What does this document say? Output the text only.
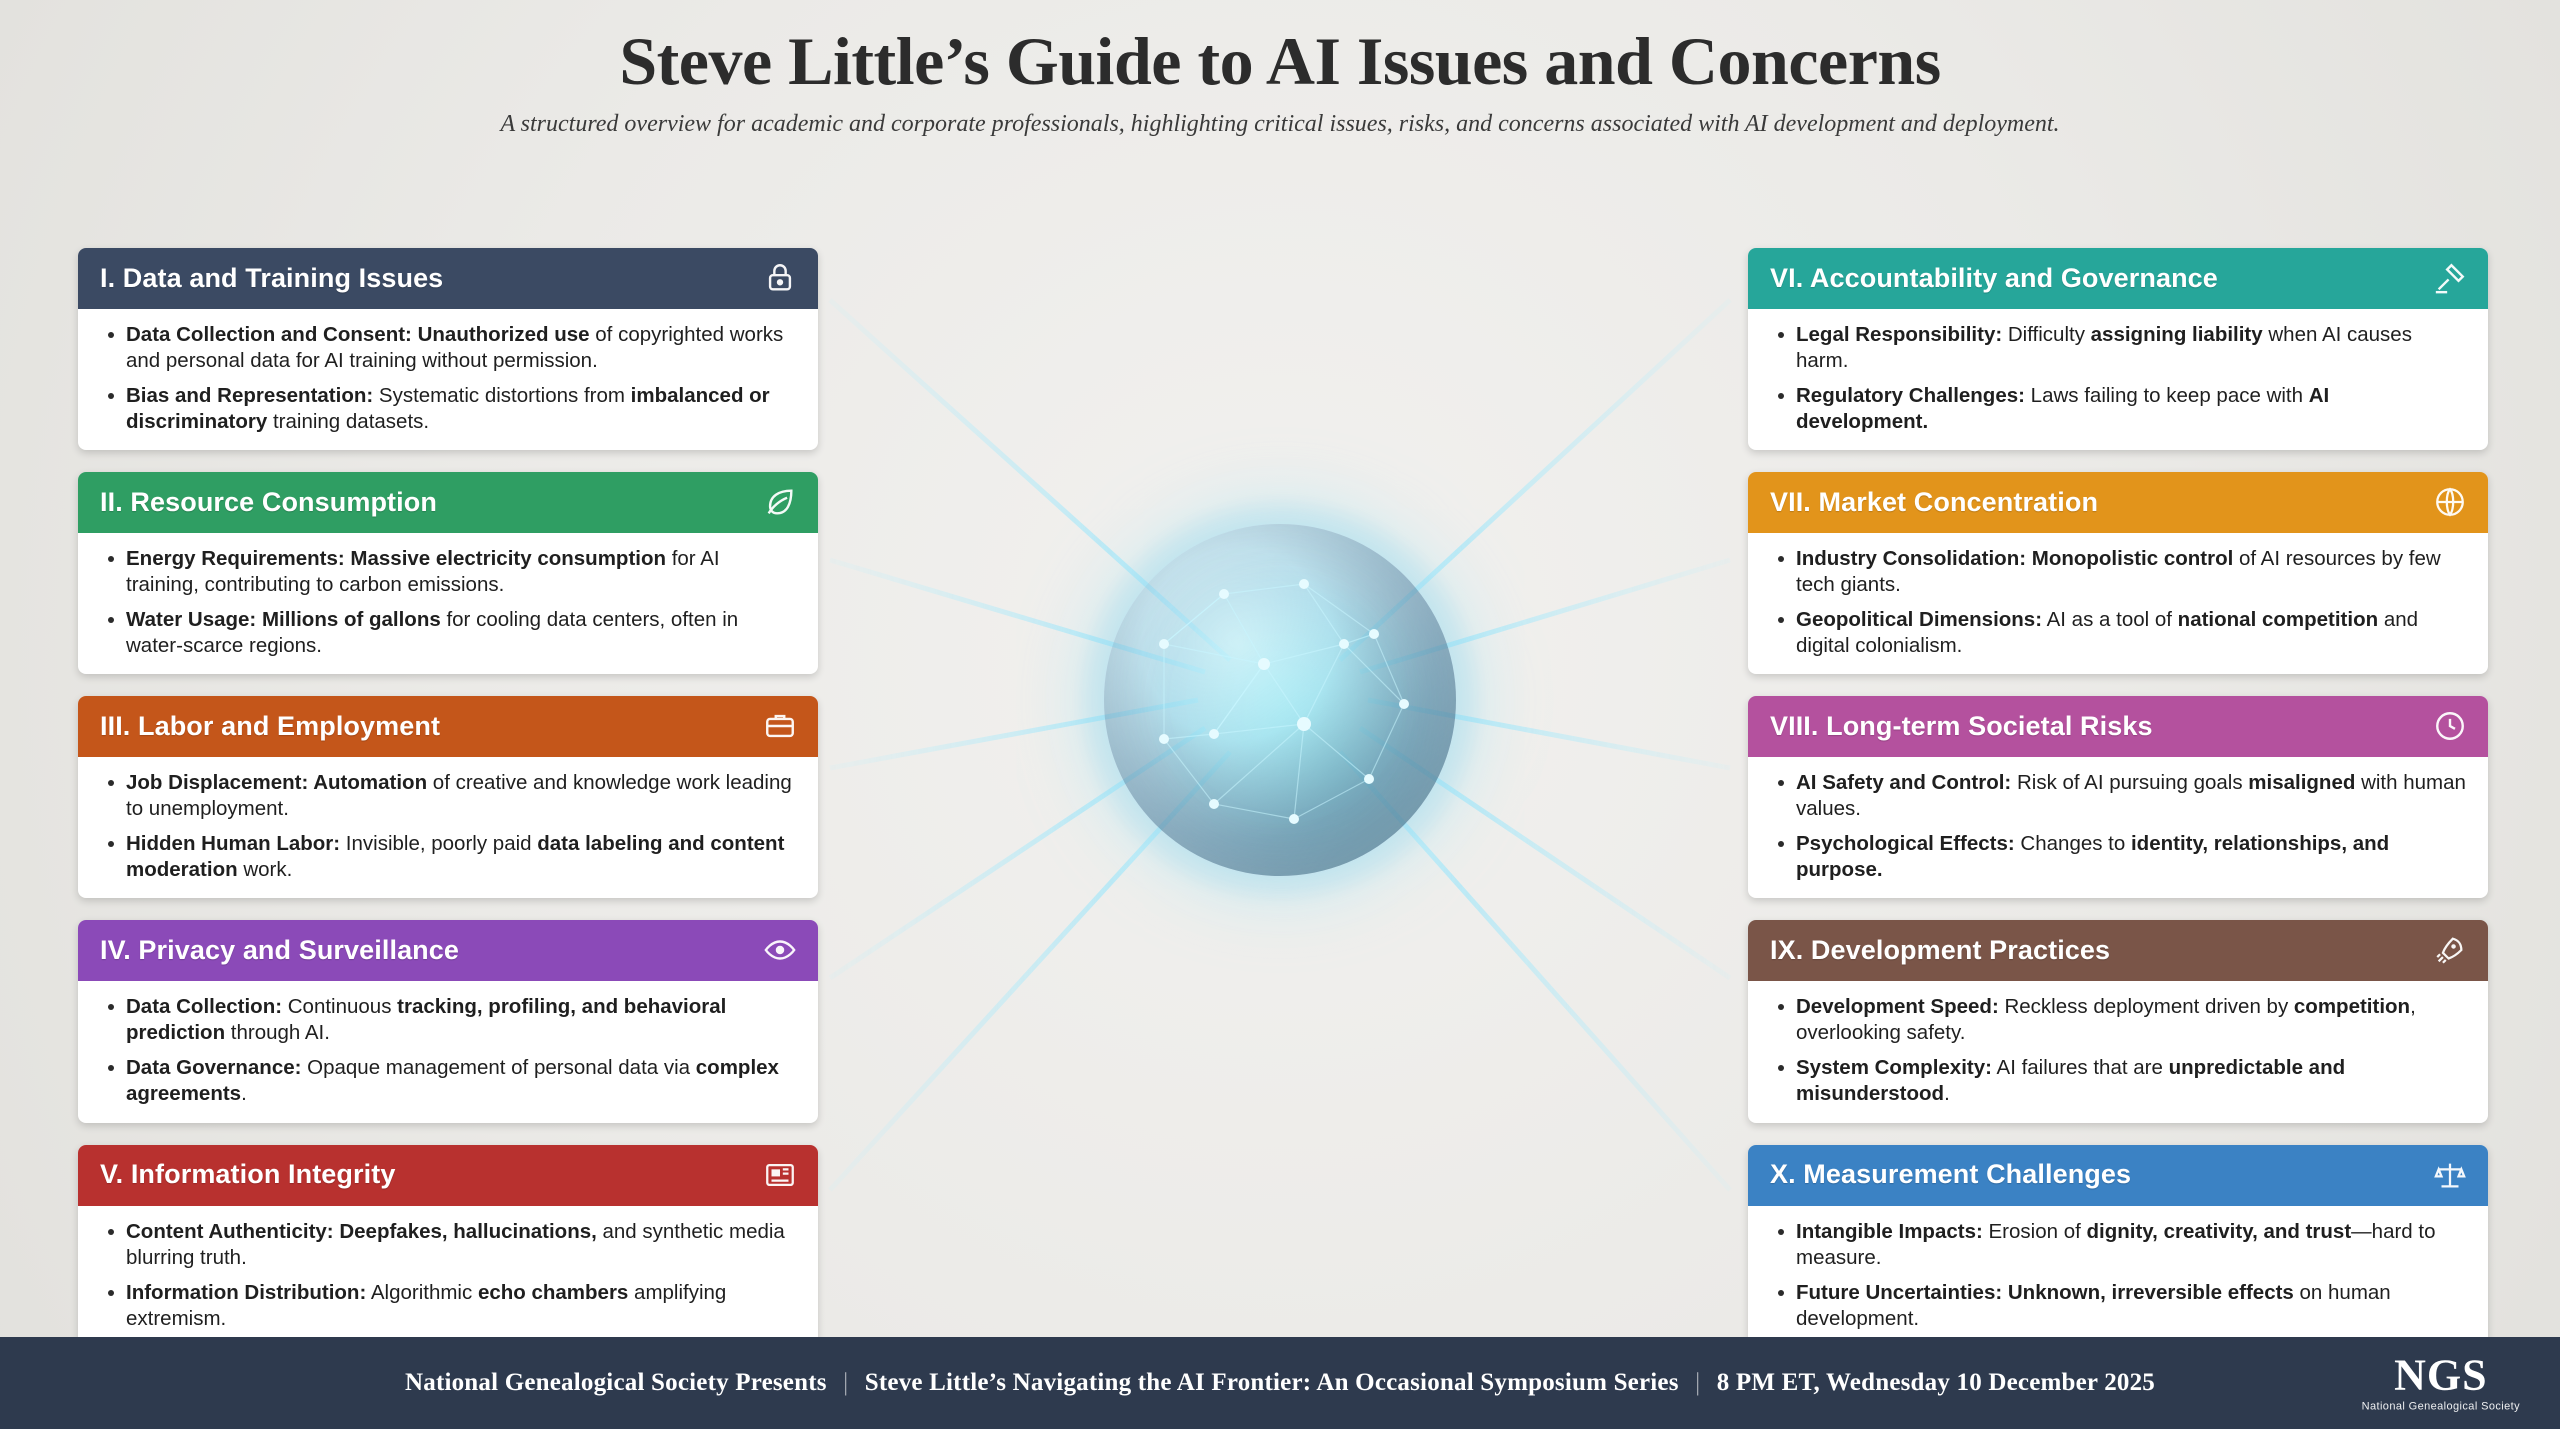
Steve Little’s Guide to AI Issues and Concerns

A structured overview for academic and corporate professionals, highlighting critical issues, risks, and concerns associated with AI development and deployment.

I. Data and Training Issues
Data Collection and Consent: Unauthorized use of copyrighted works and personal data for AI training without permission.
Bias and Representation: Systematic distortions from imbalanced or discriminatory training datasets.
II. Resource Consumption
Energy Requirements: Massive electricity consumption for AI training, contributing to carbon emissions.
Water Usage: Millions of gallons for cooling data centers, often in water-scarce regions.
III. Labor and Employment
Job Displacement: Automation of creative and knowledge work leading to unemployment.
Hidden Human Labor: Invisible, poorly paid data labeling and content moderation work.
IV. Privacy and Surveillance
Data Collection: Continuous tracking, profiling, and behavioral prediction through AI.
Data Governance: Opaque management of personal data via complex agreements.
V. Information Integrity
Content Authenticity: Deepfakes, hallucinations, and synthetic media blurring truth.
Information Distribution: Algorithmic echo chambers amplifying extremism.
VI. Accountability and Governance
Legal Responsibility: Difficulty assigning liability when AI causes harm.
Regulatory Challenges: Laws failing to keep pace with AI development.
VII. Market Concentration
Industry Consolidation: Monopolistic control of AI resources by few tech giants.
Geopolitical Dimensions: AI as a tool of national competition and digital colonialism.
VIII. Long-term Societal Risks
AI Safety and Control: Risk of AI pursuing goals misaligned with human values.
Psychological Effects: Changes to identity, relationships, and purpose.
IX. Development Practices
Development Speed: Reckless deployment driven by competition, overlooking safety.
System Complexity: AI failures that are unpredictable and misunderstood.
X. Measurement Challenges
Intangible Impacts: Erosion of dignity, creativity, and trust—hard to measure.
Future Uncertainties: Unknown, irreversible effects on human development.
National Genealogical Society Presents | Steve Little’s Navigating the AI Frontier: An Occasional Symposium Series | 8 PM ET, Wednesday 10 December 2025	NGS
National Genealogical Society
